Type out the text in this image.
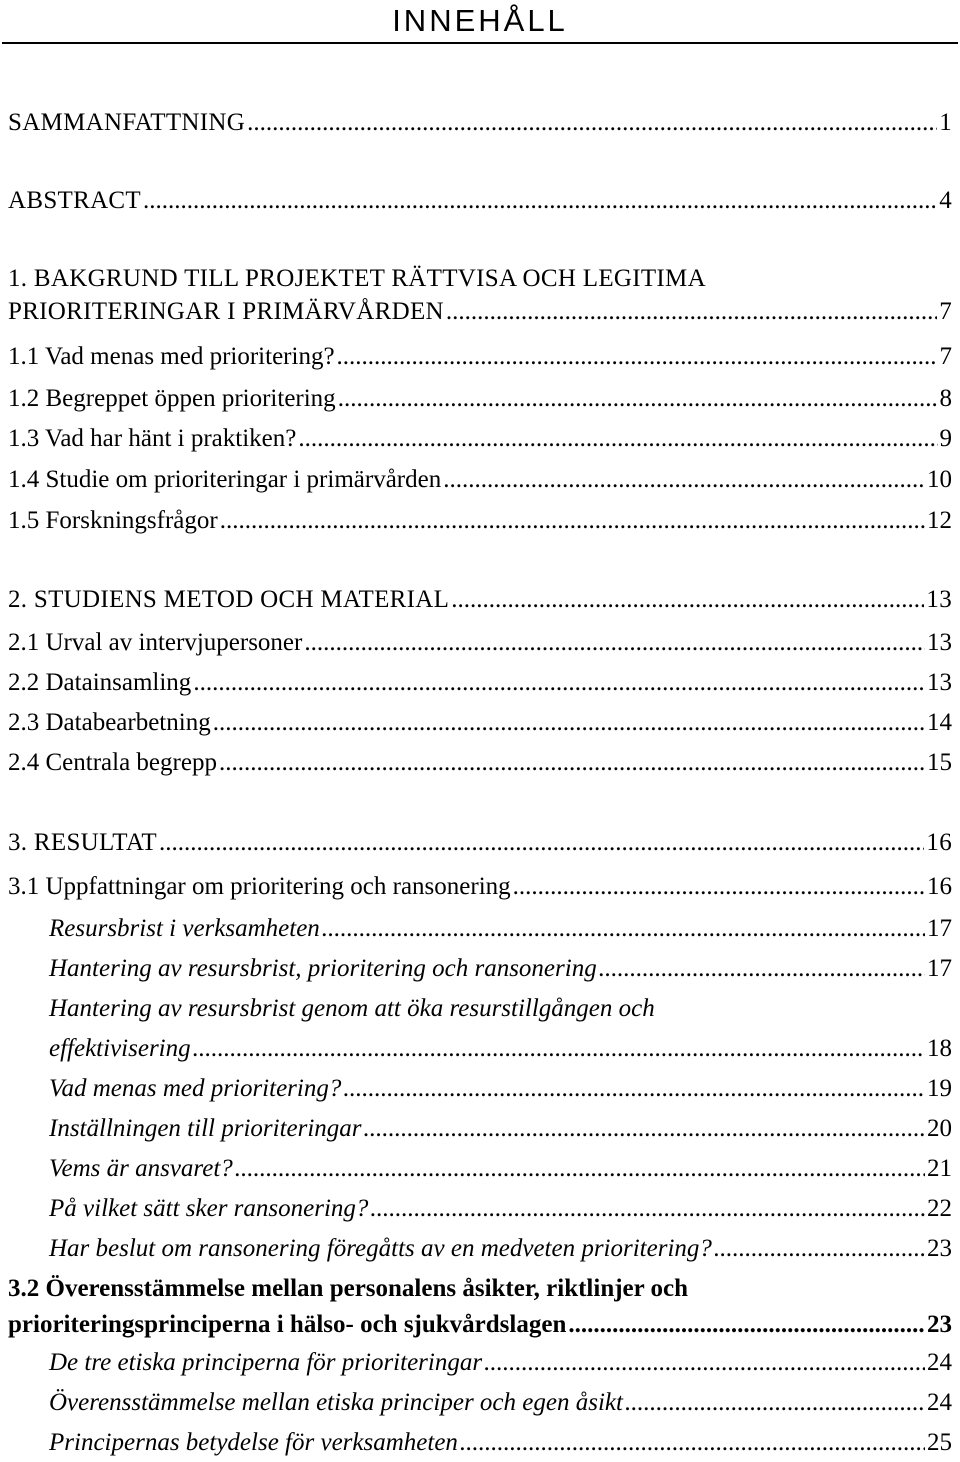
INNEHÅLL
SAMMANFATTNING .....	1
ABSTRACT .....	4
1. BAKGRUND TILL PROJEKTET RÄTTVISA OCH LEGITIMA
PRIORITERINGAR I PRIMÄRVÅRDEN .....	7
1.1 Vad menas med prioritering? .....	7
1.2 Begreppet öppen prioritering .....	8
1.3 Vad har hänt i praktiken? .....	9
1.4 Studie om prioriteringar i primärvården .....	10
1.5 Forskningsfrågor .....	12
2. STUDIENS METOD OCH MATERIAL .....	13
2.1 Urval av intervjupersoner .....	13
2.2 Datainsamling .....	13
2.3 Databearbetning .....	14
2.4 Centrala begrepp .....	15
3. RESULTAT .....	16
3.1 Uppfattningar om prioritering och ransonering .....	16
Resursbrist i verksamheten .....	17
Hantering av resursbrist, prioritering och ransonering .....	17
Hantering av resursbrist genom att öka resurstillgången och
effektivisering .....	18
Vad menas med prioritering? .....	19
Inställningen till prioriteringar .....	20
Vems är ansvaret? .....	21
På vilket sätt sker ransonering? .....	22
Har beslut om ransonering föregåtts av en medveten prioritering? .....	23
3.2 Överensstämmelse mellan personalens åsikter, riktlinjer och
prioriteringsprinciperna i hälso- och sjukvårdslagen .....	23
De tre etiska principerna för prioriteringar .....	24
Överensstämmelse mellan etiska principer och egen åsikt .....	24
Principernas betydelse för verksamheten .....	25
